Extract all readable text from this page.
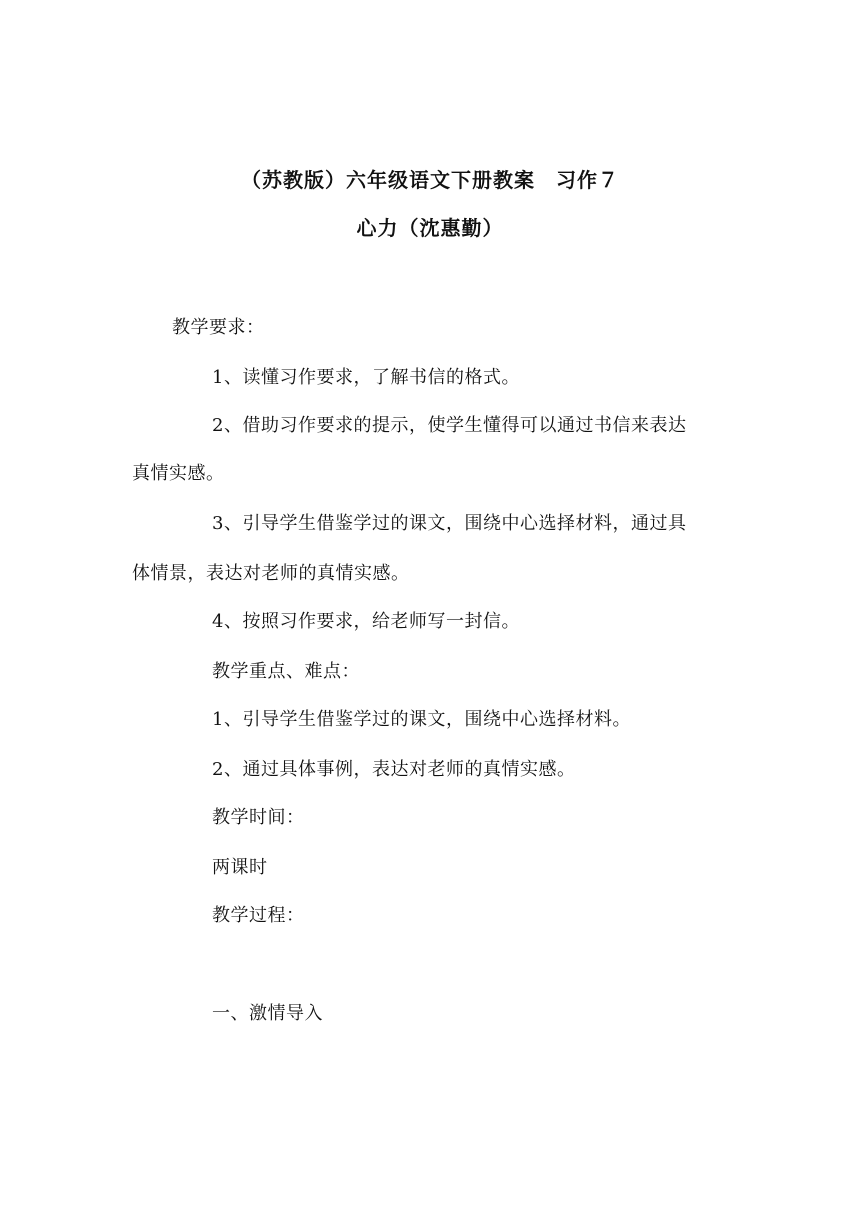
（苏教版）六年级语文下册教案　习作７
心力（沈惠勤）
教学要求：
1、读懂习作要求，了解书信的格式。
2、借助习作要求的提示，使学生懂得可以通过书信来表达
真情实感。
3、引导学生借鉴学过的课文，围绕中心选择材料，通过具
体情景，表达对老师的真情实感。
4、按照习作要求，给老师写一封信。
教学重点、难点：
1、引导学生借鉴学过的课文，围绕中心选择材料。
2、通过具体事例，表达对老师的真情实感。
教学时间：
两课时
教学过程：
一、激情导入
